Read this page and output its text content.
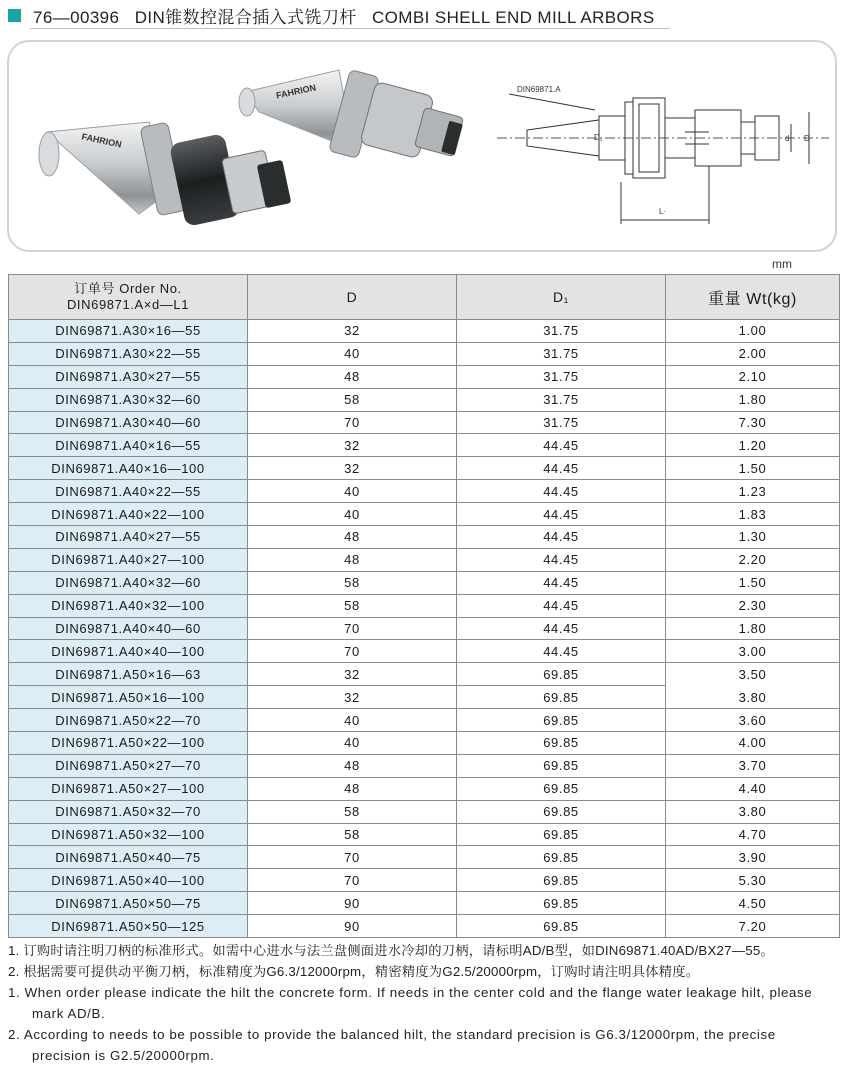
76—00396   DIN锥数控混合插入式铣刀杆   COMBI SHELL END MILL ARBORS
FAHRION
FAHRION	DIN69871.A
D₁	d D
L·
mm
订单号 Order No.
DIN69871.A×d—L1	D	D₁	重量 Wt(kg)
DIN69871.A30×16—55	32	31.75	1.00
DIN69871.A30×22—55	40	31.75	2.00
DIN69871.A30×27—55	48	31.75	2.10
DIN69871.A30×32—60	58	31.75	1.80
DIN69871.A30×40—60	70	31.75	7.30
DIN69871.A40×16—55	32	44.45	1.20
DIN69871.A40×16—100	32	44.45	1.50
DIN69871.A40×22—55	40	44.45	1.23
DIN69871.A40×22—100	40	44.45	1.83
DIN69871.A40×27—55	48	44.45	1.30
DIN69871.A40×27—100	48	44.45	2.20
DIN69871.A40×32—60	58	44.45	1.50
DIN69871.A40×32—100	58	44.45	2.30
DIN69871.A40×40—60	70	44.45	1.80
DIN69871.A40×40—100	70	44.45	3.00
DIN69871.A50×16—63	32	69.85	3.50
DIN69871.A50×16—100	32	69.85	3.80
DIN69871.A50×22—70	40	69.85	3.60
DIN69871.A50×22—100	40	69.85	4.00
DIN69871.A50×27—70	48	69.85	3.70
DIN69871.A50×27—100	48	69.85	4.40
DIN69871.A50×32—70	58	69.85	3.80
DIN69871.A50×32—100	58	69.85	4.70
DIN69871.A50×40—75	70	69.85	3.90
DIN69871.A50×40—100	70	69.85	5.30
DIN69871.A50×50—75	90	69.85	4.50
DIN69871.A50×50—125	90	69.85	7.20

1. 订购时请注明刀柄的标准形式。如需中心进水与法兰盘侧面进水冷却的刀柄，请标明AD/B型，如DIN69871.40AD/BX27—55。

2. 根据需要可提供动平衡刀柄，标准精度为G6.3/12000rpm，精密精度为G2.5/20000rpm，订购时请注明具体精度。

1. When order please indicate the hilt the concrete form. If needs in the center cold and the flange water leakage hilt, please mark AD/B.

2. According to needs to be possible to provide the balanced hilt, the standard precision is G6.3/12000rpm, the precise precision is G2.5/20000rpm.
